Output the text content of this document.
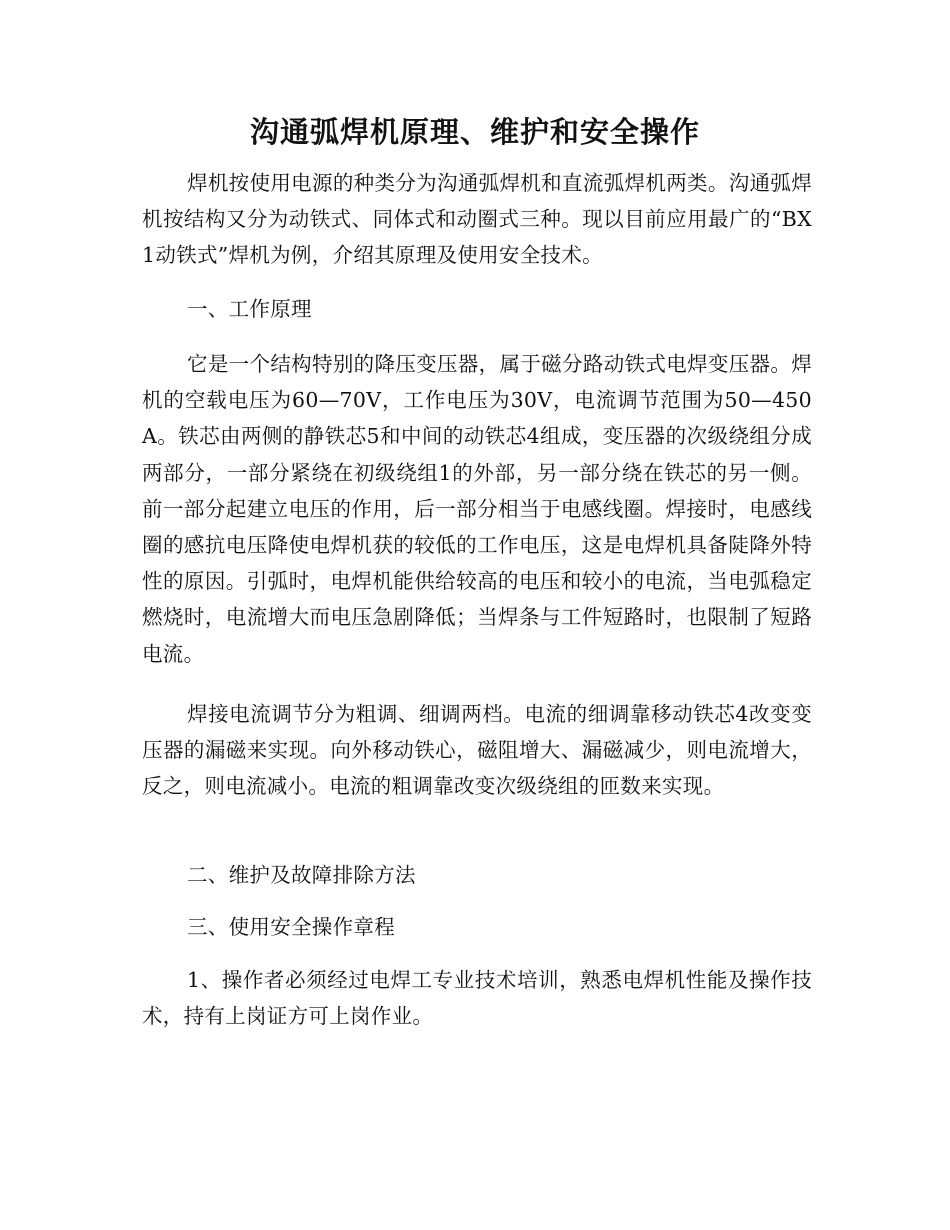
沟通弧焊机原理、维护和安全操作

焊机按使用电源的种类分为沟通弧焊机和直流弧焊机两类。沟通弧焊机按结构又分为动铁式、同体式和动圈式三种。现以目前应用最广的“BX1动铁式”焊机为例，介绍其原理及使用安全技术。

一、工作原理

它是一个结构特别的降压变压器，属于磁分路动铁式电焊变压器。焊机的空载电压为60—70V，工作电压为30V，电流调节范围为50—450A。铁芯由两侧的静铁芯5和中间的动铁芯4组成，变压器的次级绕组分成两部分，一部分紧绕在初级绕组1的外部，另一部分绕在铁芯的另一侧。前一部分起建立电压的作用，后一部分相当于电感线圈。焊接时，电感线圈的感抗电压降使电焊机获的较低的工作电压，这是电焊机具备陡降外特性的原因。引弧时，电焊机能供给较高的电压和较小的电流，当电弧稳定燃烧时，电流增大而电压急剧降低；当焊条与工件短路时，也限制了短路电流。

焊接电流调节分为粗调、细调两档。电流的细调靠移动铁芯4改变变压器的漏磁来实现。向外移动铁心，磁阻增大、漏磁减少，则电流增大，反之，则电流减小。电流的粗调靠改变次级绕组的匝数来实现。

二、维护及故障排除方法

三、使用安全操作章程

1、操作者必须经过电焊工专业技术培训，熟悉电焊机性能及操作技术，持有上岗证方可上岗作业。
